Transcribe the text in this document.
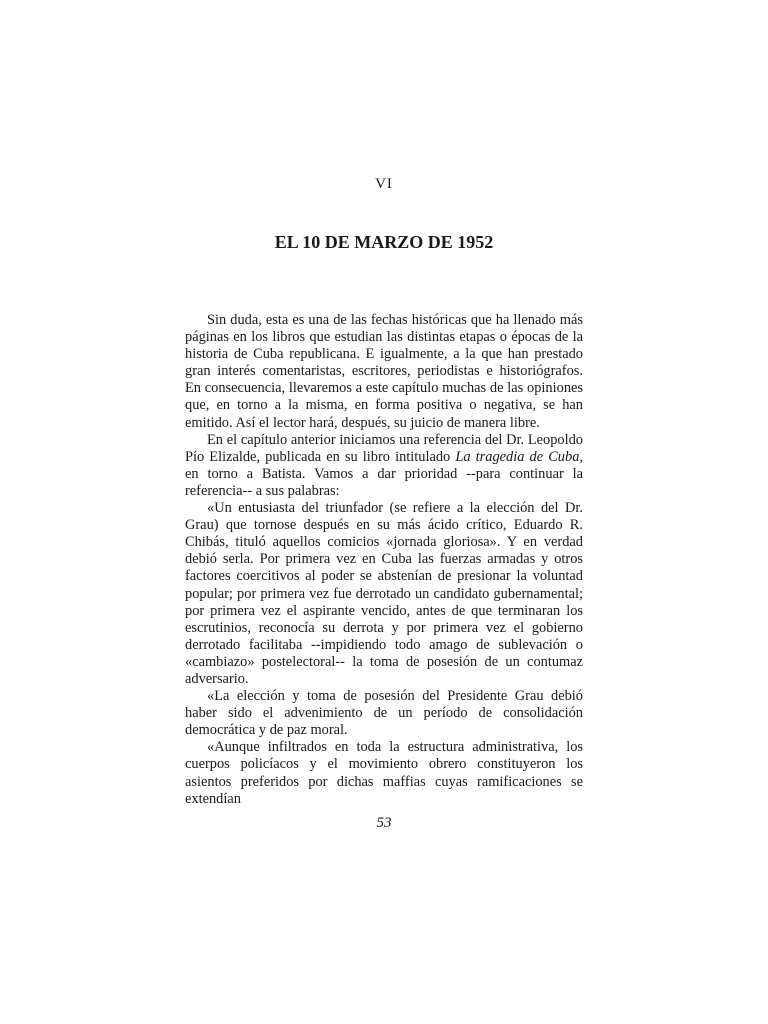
VI
EL 10 DE MARZO DE 1952

Sin duda, esta es una de las fechas históricas que ha llenado más páginas en los libros que estudian las distintas etapas o épocas de la historia de Cuba republicana. E igualmente, a la que han prestado gran interés comentaristas, escritores, periodistas e historiógrafos. En consecuencia, llevaremos a este capítulo muchas de las opiniones que, en torno a la misma, en forma positiva o negativa, se han emitido. Así el lector hará, después, su juicio de manera libre.

En el capítulo anterior iniciamos una referencia del Dr. Leopoldo Pío Elizalde, publicada en su libro intitulado La tragedia de Cuba, en torno a Batista. Vamos a dar prioridad --para continuar la referencia-- a sus palabras:

«Un entusiasta del triunfador (se refiere a la elección del Dr. Grau) que tornose después en su más ácido crítico, Eduardo R. Chibás, tituló aquellos comicios «jornada gloriosa». Y en verdad debió serla. Por primera vez en Cuba las fuerzas armadas y otros factores coercitivos al poder se abstenían de presionar la voluntad popular; por primera vez fue derrotado un candidato gubernamental; por primera vez el aspirante vencido, antes de que terminaran los escrutinios, reconocía su derrota y por primera vez el gobierno derrotado facilitaba --impidiendo todo amago de sublevación o «cambiazo» postelectoral-- la toma de posesión de un contumaz adversario.

«La elección y toma de posesión del Presidente Grau debió haber sido el advenimiento de un período de consolidación democrática y de paz moral.

«Aunque infiltrados en toda la estructura administrativa, los cuerpos policíacos y el movimiento obrero constituyeron los asientos preferidos por dichas maffias cuyas ramificaciones se extendían

53
